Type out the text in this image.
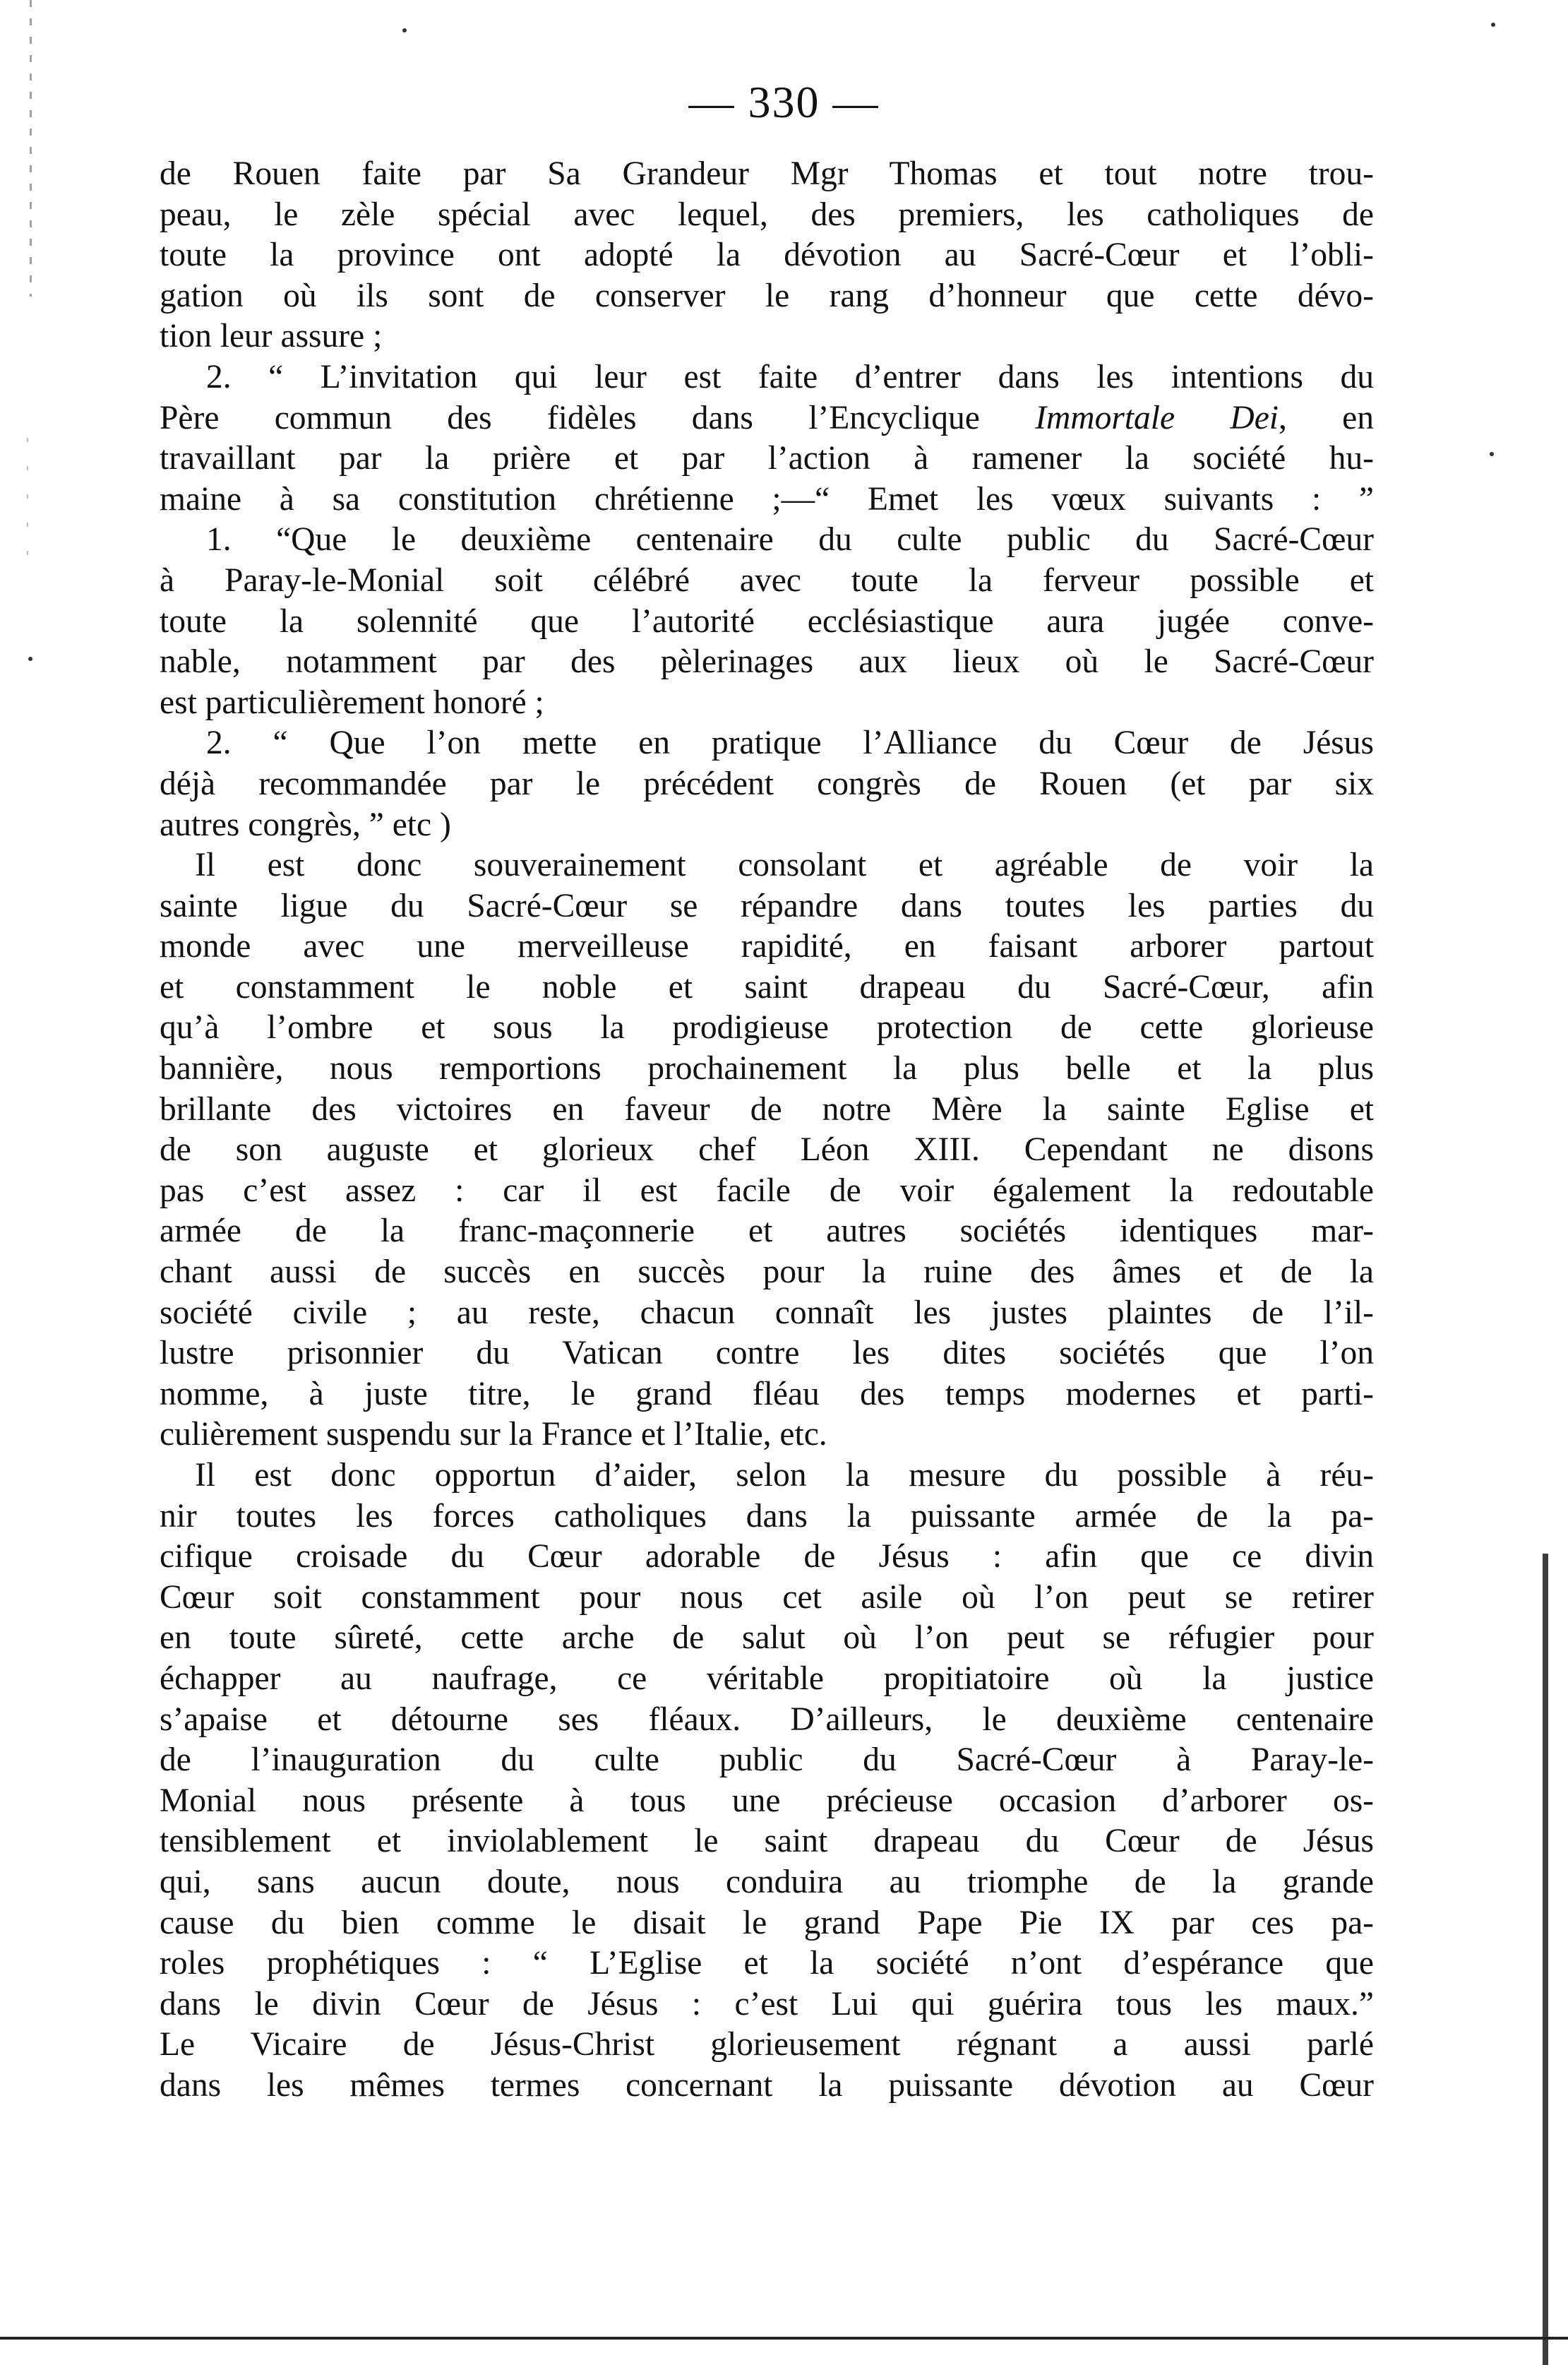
— 330 —
de Rouen faite par Sa Grandeur Mgr Thomas et tout notre trou-
peau, le zèle spécial avec lequel, des premiers, les catholiques de
toute la province ont adopté la dévotion au Sacré-Cœur et l’obli-
gation où ils sont de conserver le rang d’honneur que cette dévo-
tion leur assure ;
2. “ L’invitation qui leur est faite d’entrer dans les intentions du
Père commun des fidèles dans l’Encyclique Immortale Dei, en
travaillant par la prière et par l’action à ramener la société hu-
maine à sa constitution chrétienne ;—“ Emet les vœux suivants : ”
1. “Que le deuxième centenaire du culte public du Sacré-Cœur
à Paray-le-Monial soit célébré avec toute la ferveur possible et
toute la solennité que l’autorité ecclésiastique aura jugée conve-
nable, notamment par des pèlerinages aux lieux où le Sacré-Cœur
est particulièrement honoré ;
2. “ Que l’on mette en pratique l’Alliance du Cœur de Jésus
déjà recommandée par le précédent congrès de Rouen (et par six
autres congrès, ” etc )
Il est donc souverainement consolant et agréable de voir la
sainte ligue du Sacré-Cœur se répandre dans toutes les parties du
monde avec une merveilleuse rapidité, en faisant arborer partout
et constamment le noble et saint drapeau du Sacré-Cœur, afin
qu’à l’ombre et sous la prodigieuse protection de cette glorieuse
bannière, nous remportions prochainement la plus belle et la plus
brillante des victoires en faveur de notre Mère la sainte Eglise et
de son auguste et glorieux chef Léon XIII. Cependant ne disons
pas c’est assez : car il est facile de voir également la redoutable
armée de la franc-maçonnerie et autres sociétés identiques mar-
chant aussi de succès en succès pour la ruine des âmes et de la
société civile ; au reste, chacun connaît les justes plaintes de l’il-
lustre prisonnier du Vatican contre les dites sociétés que l’on
nomme, à juste titre, le grand fléau des temps modernes et parti-
culièrement suspendu sur la France et l’Italie, etc.
Il est donc opportun d’aider, selon la mesure du possible à réu-
nir toutes les forces catholiques dans la puissante armée de la pa-
cifique croisade du Cœur adorable de Jésus : afin que ce divin
Cœur soit constamment pour nous cet asile où l’on peut se retirer
en toute sûreté, cette arche de salut où l’on peut se réfugier pour
échapper au naufrage, ce véritable propitiatoire où la justice
s’apaise et détourne ses fléaux. D’ailleurs, le deuxième centenaire
de l’inauguration du culte public du Sacré-Cœur à Paray-le-
Monial nous présente à tous une précieuse occasion d’arborer os-
tensiblement et inviolablement le saint drapeau du Cœur de Jésus
qui, sans aucun doute, nous conduira au triomphe de la grande
cause du bien comme le disait le grand Pape Pie IX par ces pa-
roles prophétiques : “ L’Eglise et la société n’ont d’espérance que
dans le divin Cœur de Jésus : c’est Lui qui guérira tous les maux.”
Le Vicaire de Jésus-Christ glorieusement régnant a aussi parlé
dans les mêmes termes concernant la puissante dévotion au Cœur
